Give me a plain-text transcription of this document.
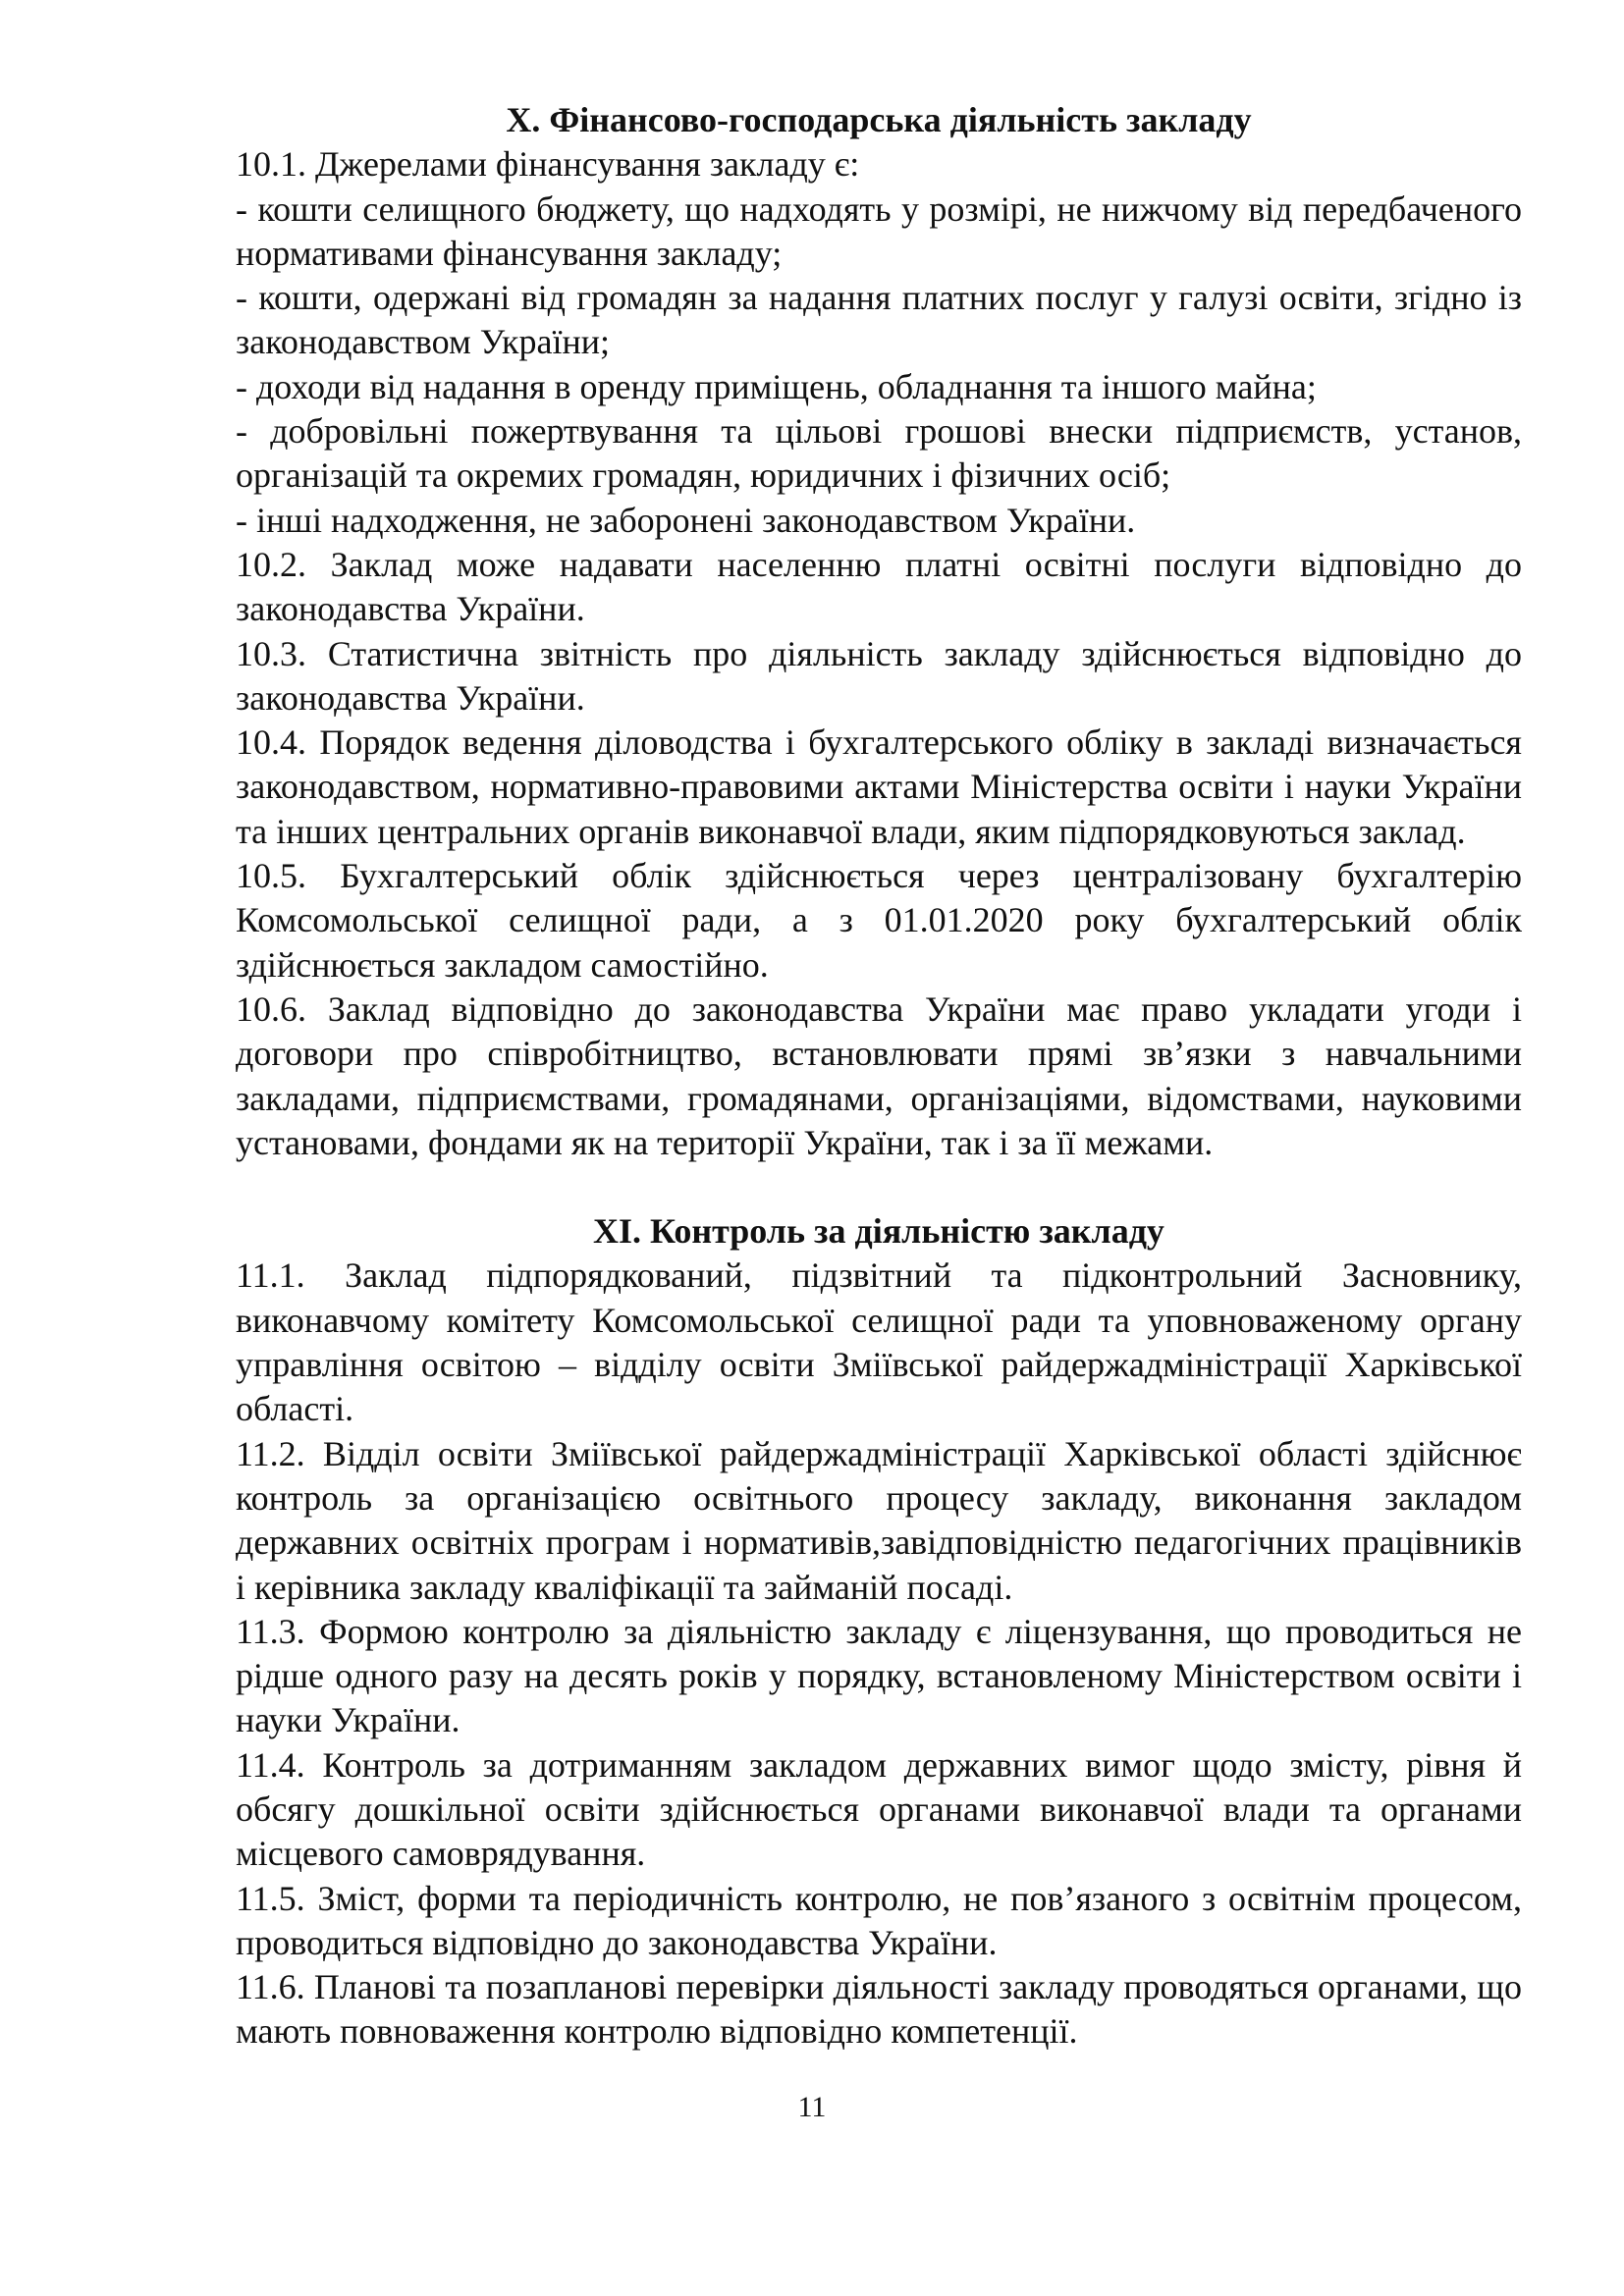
X. Фінансово-господарська діяльність закладу

10.1. Джерелами фінансування закладу є:

- кошти селищного бюджету, що надходять у розмірі, не нижчому від передбаченого нормативами фінансування закладу;

- кошти, одержані від громадян за надання платних послуг у галузі освіти, згідно із законодавством України;

- доходи від надання в оренду приміщень, обладнання та іншого майна;

- добровільні пожертвування та цільові грошові внески підприємств, установ, організацій та окремих громадян, юридичних і фізичних осіб;

- інші надходження, не заборонені законодавством України.

10.2. Заклад може надавати населенню платні освітні послуги відповідно до законодавства України.

10.3. Статистична звітність про діяльність закладу здійснюється відповідно до законодавства України.

10.4. Порядок ведення діловодства і бухгалтерського обліку в закладі визначається законодавством, нормативно-правовими актами Міністерства освіти і науки України та інших центральних органів виконавчої влади, яким підпорядковуються заклад.

10.5. Бухгалтерський облік здійснюється через централізовану бухгалтерію Комсомольської селищної ради, а з 01.01.2020 року бухгалтерський облік здійснюється закладом самостійно.

10.6. Заклад відповідно до законодавства України має право укладати угоди і договори про співробітництво, встановлювати прямі зв’язки з навчальними закладами, підприємствами, громадянами, організаціями, відомствами, науковими установами, фондами як на території України, так і за її межами.

XI. Контроль за діяльністю закладу

11.1. Заклад підпорядкований, підзвітний та підконтрольний Засновнику, виконавчому комітету Комсомольської селищної ради та уповноваженому органу управління освітою – відділу освіти Зміївської райдержадміністрації Харківської області.

11.2. Відділ освіти Зміївської райдержадміністрації Харківської області здійснює контроль за організацією освітнього процесу закладу, виконання закладом державних освітніх програм і нормативів,завідповідністю педагогічних працівників і керівника закладу кваліфікації та займаній посаді.

11.3. Формою контролю за діяльністю закладу є ліцензування, що проводиться не рідше одного разу на десять років у порядку, встановленому Міністерством освіти і науки України.

11.4. Контроль за дотриманням закладом державних вимог щодо змісту, рівня й обсягу дошкільної освіти здійснюється органами виконавчої влади та органами місцевого самоврядування.

11.5. Зміст, форми та періодичність контролю, не пов’язаного з освітнім процесом, проводиться відповідно до законодавства України.

11.6. Планові та позапланові перевірки діяльності закладу проводяться органами, що мають повноваження контролю відповідно компетенції.

11
